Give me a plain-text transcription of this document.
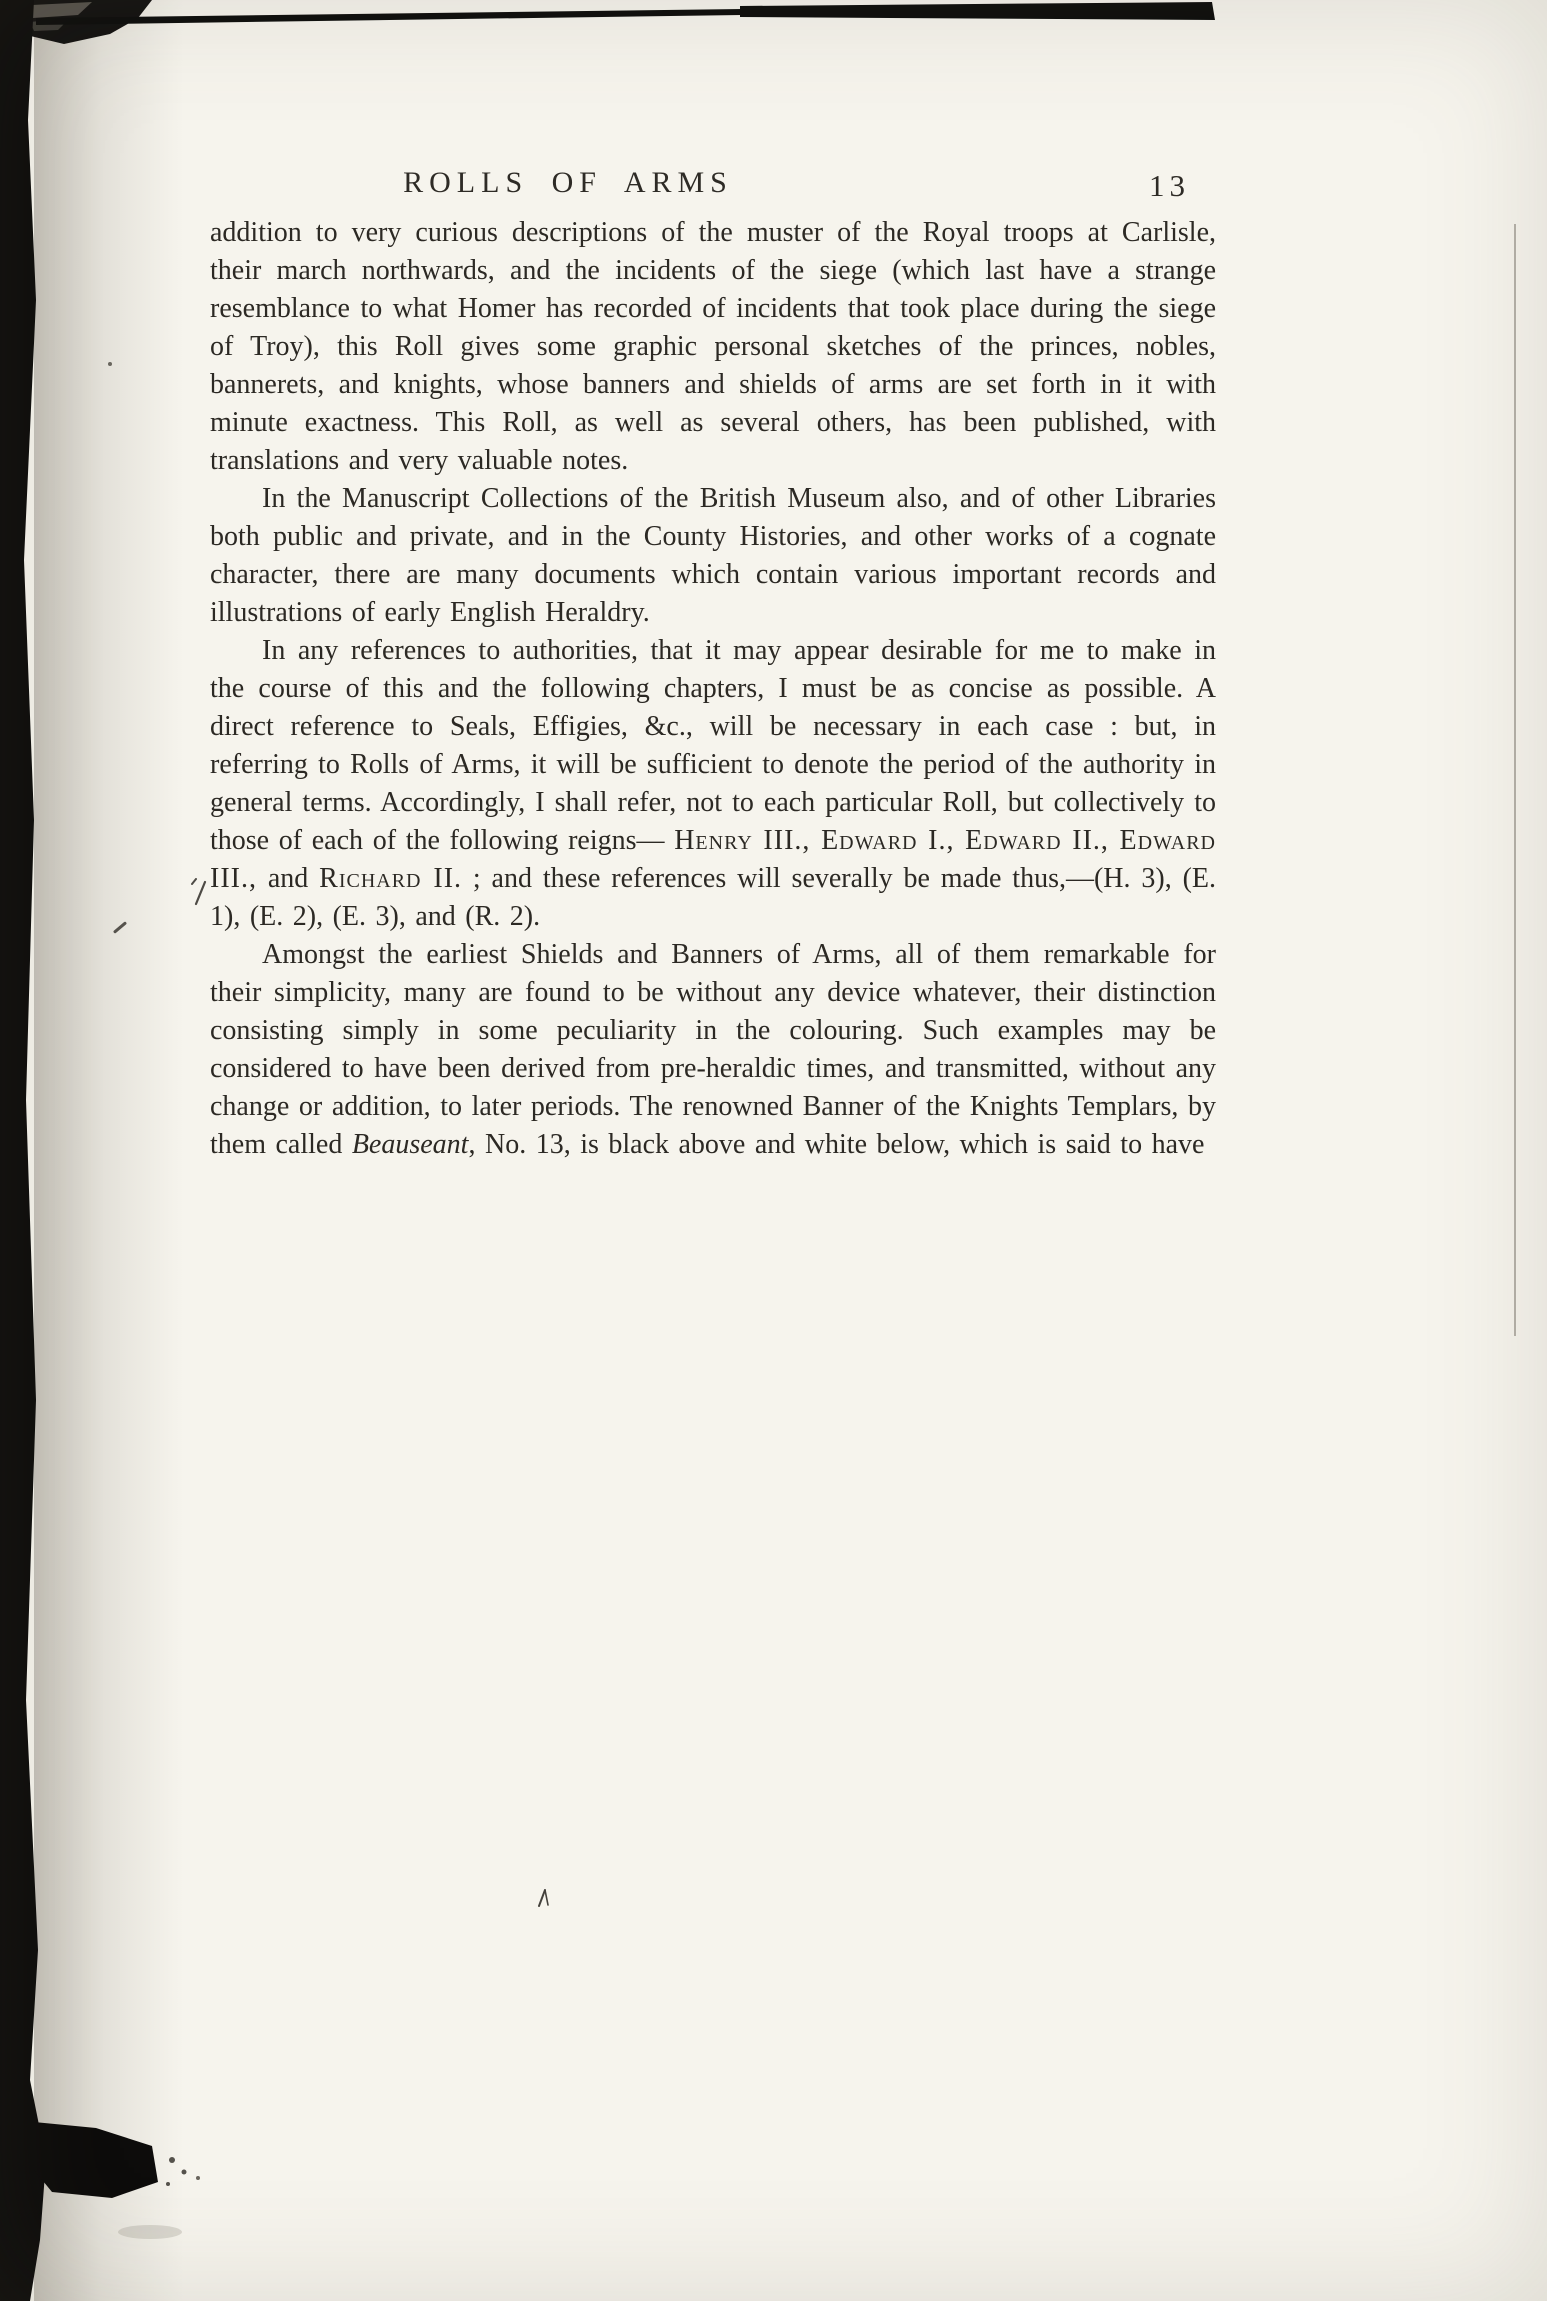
ROLLS OF ARMS	13

addition to very curious descriptions of the muster of the Royal troops at Carlisle, their march northwards, and the incidents of the siege (which last have a strange resemblance to what Homer has recorded of incidents that took place during the siege of Troy), this Roll gives some graphic personal sketches of the princes, nobles, bannerets, and knights, whose banners and shields of arms are set forth in it with minute exactness. This Roll, as well as several others, has been published, with translations and very valuable notes.

In the Manuscript Collections of the British Museum also, and of other Libraries both public and private, and in the County Histories, and other works of a cognate character, there are many documents which contain various important records and illustrations of early English Heraldry.

In any references to authorities, that it may appear desirable for me to make in the course of this and the following chapters, I must be as concise as possible. A direct reference to Seals, Effigies, &c., will be necessary in each case : but, in referring to Rolls of Arms, it will be sufficient to denote the period of the authority in general terms. Accordingly, I shall refer, not to each particular Roll, but collectively to those of each of the following reigns— Henry III., Edward I., Edward II., Edward III., and Richard II. ; and these references will severally be made thus,—(H. 3), (E. 1), (E. 2), (E. 3), and (R. 2).

Amongst the earliest Shields and Banners of Arms, all of them remarkable for their simplicity, many are found to be without any device whatever, their distinction consisting simply in some peculiarity in the colouring. Such examples may be considered to have been derived from pre-heraldic times, and transmitted, without any change or addition, to later periods. The renowned Banner of the Knights Templars, by them called Beauseant, No. 13, is black above and white below, which is said to have
